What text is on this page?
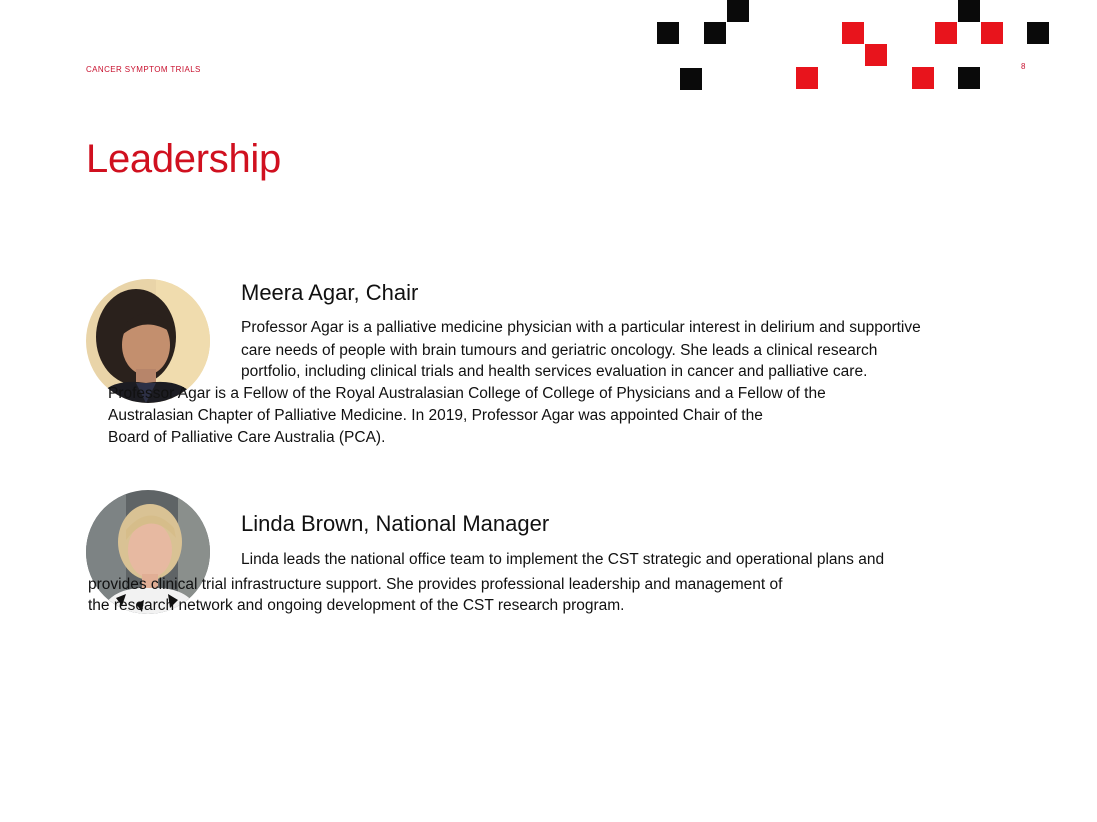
CANCER SYMPTOM TRIALS	8
Leadership
Meera Agar, Chair
Professor Agar is a palliative medicine physician with a particular interest in delirium and supportive
care needs of people with brain tumours and geriatric oncology. She leads a clinical research
portfolio, including clinical trials and health services evaluation in cancer and palliative care.
Professor Agar is a Fellow of the Royal Australasian College of College of Physicians and a Fellow of the
Australasian Chapter of Palliative Medicine. In 2019, Professor Agar was appointed Chair of the
Board of Palliative Care Australia (PCA).
Linda Brown, National Manager
Linda leads the national office team to implement the CST strategic and operational plans and
provides clinical trial infrastructure support. She provides professional leadership and management of
the research network and ongoing development of the CST research program.
